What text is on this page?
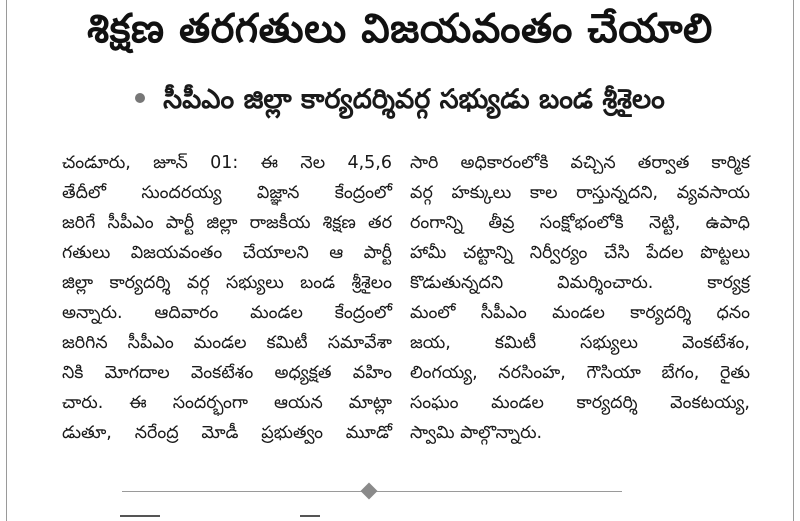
శిక్షణ తరగతులు విజయవంతం చేయాలి
సీపీఎం జిల్లా కార్యదర్శివర్గ సభ్యుడు బండ శ్రీశైలం
చండూరు, జూన్ 01: ఈ నెల 4,5,6
తేదీలో సుందరయ్య విజ్ఞాన కేంద్రంలో
జరిగే సీపీఎం పార్టీ జిల్లా రాజకీయ శిక్షణ తర
గతులు విజయవంతం చేయాలని ఆ పార్టీ
జిల్లా కార్యదర్శి వర్గ సభ్యులు బండ శ్రీశైలం
అన్నారు. ఆదివారం మండల కేంద్రంలో
జరిగిన సీపీఎం మండల కమిటీ సమావేశా
నికి మోగదాల వెంకటేశం అధ్యక్షత వహిం
చారు. ఈ సందర్భంగా ఆయన మాట్లా
డుతూ, నరేంద్ర మోడీ ప్రభుత్వం మూడో
సారి అధికారంలోకి వచ్చిన తర్వాత కార్మిక
వర్గ హక్కులు కాల రాస్తున్నదని, వ్యవసాయ
రంగాన్ని తీవ్ర సంక్షోభంలోకి నెట్టి, ఉపాధి
హామీ చట్టాన్ని నిర్వీర్యం చేసి పేదల పొట్టలు
కొడుతున్నదని విమర్శించారు. కార్యక్ర
మంలో సీపీఎం మండల కార్యదర్శి ధనం
జయ, కమిటీ సభ్యులు వెంకటేశం,
లింగయ్య, నరసింహ, గౌసియా బేగం, రైతు
సంఘం మండల కార్యదర్శి వెంకటయ్య,
స్వామి పాల్గొన్నారు.
